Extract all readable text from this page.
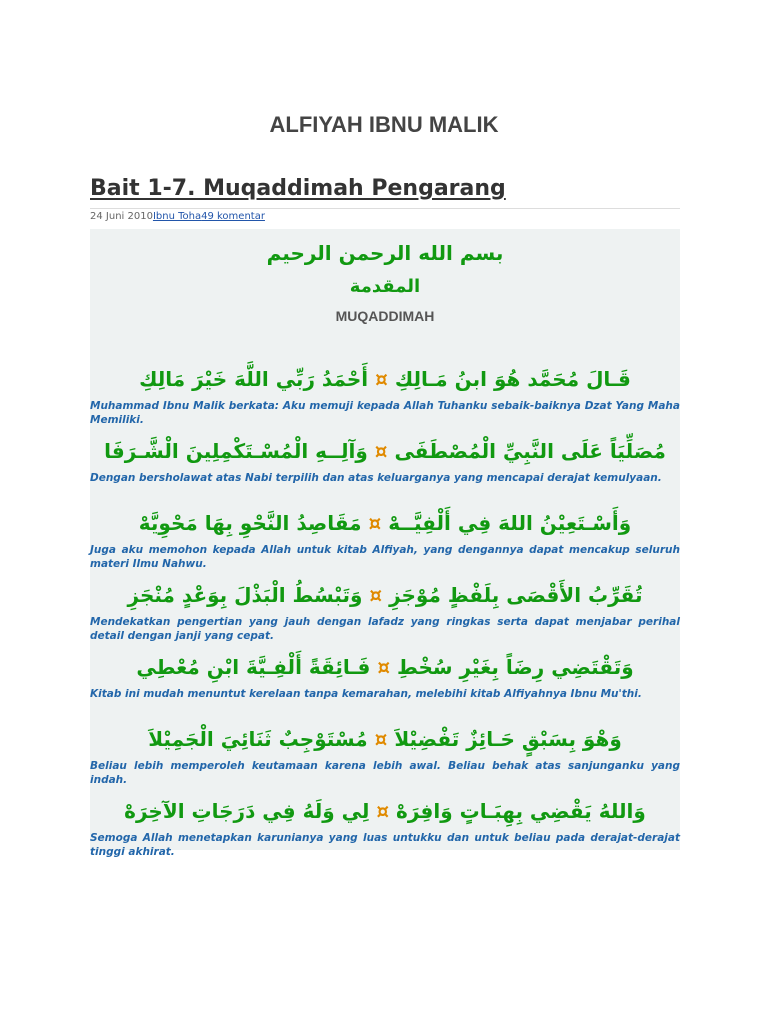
ALFIYAH IBNU MALIK
Bait 1-7. Muqaddimah Pengarang
24 Juni 2010Ibnu Toha49 komentar

بسم الله الرحمن الرحيم

المقدمة

MUQADDIMAH

قَـالَ مُحَمَّد هُوَ ابنُ مَـالِكِ ¤ أَحْمَدُ رَبِّي اللَّهَ خَيْرَ مَالِكِ

Muhammad Ibnu Malik berkata: Aku memuji kepada Allah Tuhanku sebaik-baiknya Dzat Yang Maha Memiliki.

مُصَلِّيَاً عَلَى النَّبِيِّ الْمُصْطَفَى ¤ وَآلِــهِ الْمُسْـتَكْمِلِينَ الْشَّـرَفَا

Dengan bersholawat atas Nabi terpilih dan atas keluarganya yang mencapai derajat kemulyaan.

وَأَسْـتَعِيْنُ اللهَ فِي أَلْفِيَّــهْ ¤ مَقَاصِدُ النَّحْوِ بِهَا مَحْوِيَّهْ

Juga aku memohon kepada Allah untuk kitab Alfiyah, yang dengannya dapat mencakup seluruh materi Ilmu Nahwu.

تُقَرِّبُ الأَقْصَى بِلَفْظٍ مُوْجَزِ ¤ وَتَبْسُطُ الْبَذْلَ بِوَعْدٍ مُنْجَزِ

Mendekatkan pengertian yang jauh dengan lafadz yang ringkas serta dapat menjabar perihal detail dengan janji yang cepat.

وَتَقْتَضِي رِضَاً بِغَيْرِ سُخْطِ ¤ فَـائِقَةً أَلْفِـيَّةَ ابْنِ مُعْطِي

Kitab ini mudah menuntut kerelaan tanpa kemarahan, melebihi kitab Alfiyahnya Ibnu Mu'thi.

وَهْوَ بِسَبْقٍ حَـائِزٌ تَفْضِيْلاَ ¤ مُسْتَوْجِبٌ ثَنَائِيَ الْجَمِيْلاَ

Beliau lebih memperoleh keutamaan karena lebih awal. Beliau behak atas sanjunganku yang indah.

وَاللهُ يَقْضِي بِهِبَـاتٍ وَافِرَهْ ¤ لِي وَلَهُ فِي دَرَجَاتِ الآخِرَهْ

Semoga Allah menetapkan karunianya yang luas untukku dan untuk beliau pada derajat-derajat tinggi akhirat.
